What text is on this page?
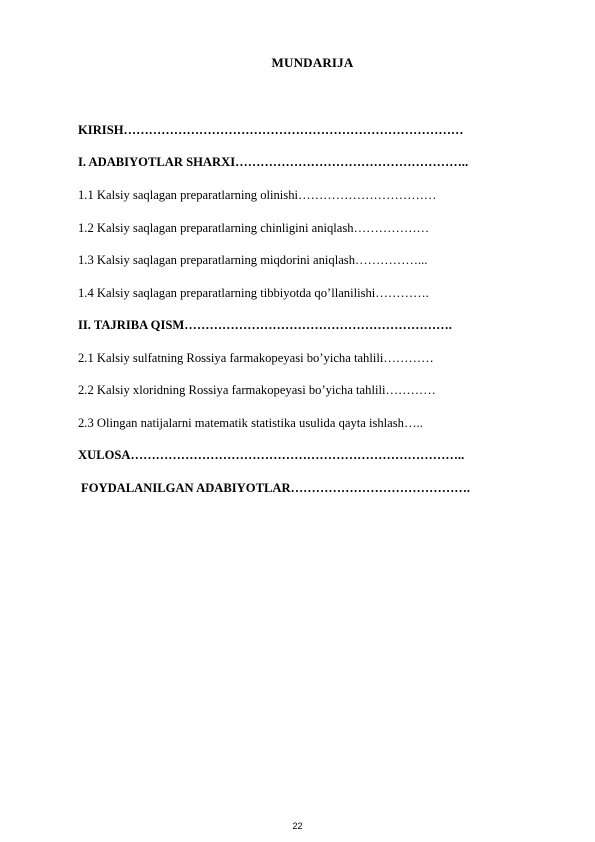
MUNDARIJA
KIRISH………………………………………………………………………
I. ADABIYOTLAR SHARXI………………………………………………..
1.1 Kalsiy saqlagan preparatlarning olinishi……………………………
1.2 Kalsiy saqlagan preparatlarning chinligini aniqlash………………
1.3 Kalsiy saqlagan preparatlarning miqdorini aniqlash……………...
1.4 Kalsiy saqlagan preparatlarning tibbiyotda qo’llanilishi………….
II. TAJRIBA QISM……………………………………………………….
2.1 Kalsiy sulfatning Rossiya farmakopeyasi bo’yicha tahlili…………
2.2 Kalsiy xloridning Rossiya farmakopeyasi bo’yicha tahlili…………
2.3 Olingan natijalarni matematik statistika usulida qayta ishlash…..
XULOSA……………………………………………………………………..
FOYDALANILGAN ADABIYOTLAR…………………………………….
22
